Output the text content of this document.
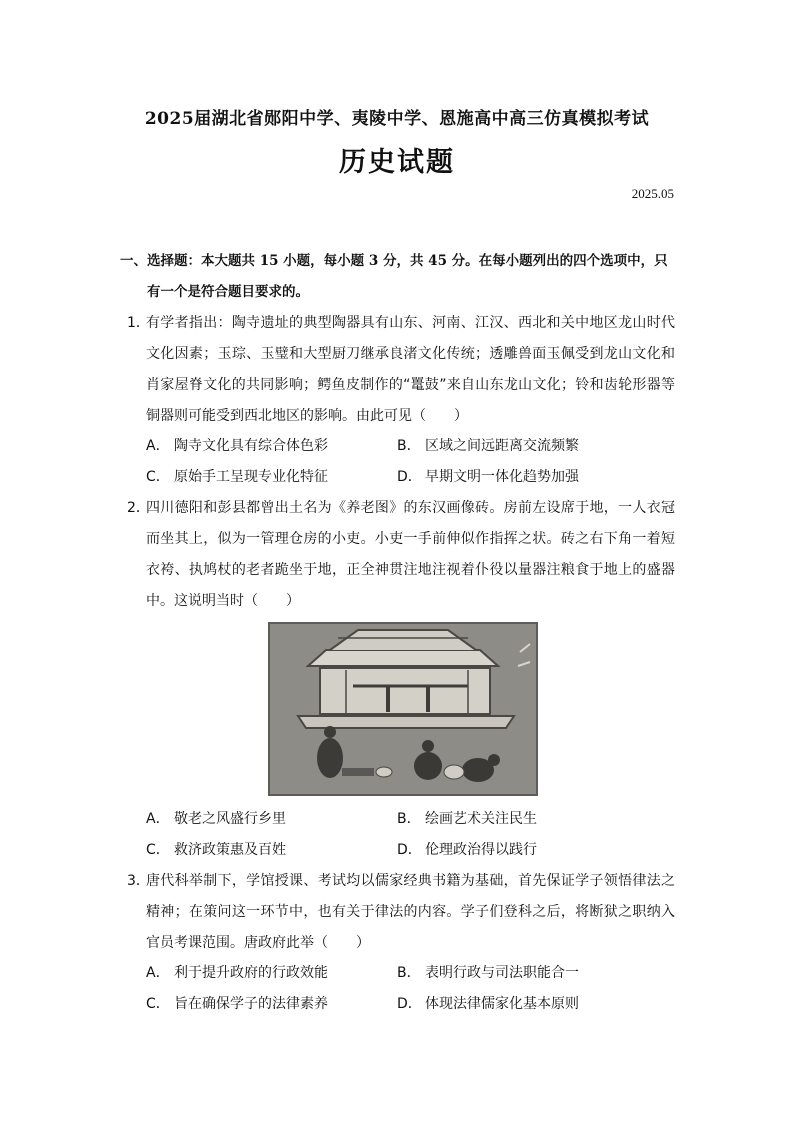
2025届湖北省郧阳中学、夷陵中学、恩施高中高三仿真模拟考试
历史试题
2025.05
一、选择题：本大题共 15 小题，每小题 3 分，共 45 分。在每小题列出的四个选项中，只
有一个是符合题目要求的。
1．
有学者指出：陶寺遗址的典型陶器具有山东、河南、江汉、西北和关中地区龙山时代文化因素；玉琮、玉璧和大型厨刀继承良渚文化传统；透雕兽面玉佩受到龙山文化和肖家屋脊文化的共同影响；鳄鱼皮制作的“鼍鼓”来自山东龙山文化；铃和齿轮形器等铜器则可能受到西北地区的影响。由此可见（　　）
A． 陶寺文化具有综合体色彩	B． 区域之间远距离交流频繁
C． 原始手工呈现专业化特征	D． 早期文明一体化趋势加强
2．
四川德阳和彭县都曾出土名为《养老图》的东汉画像砖。房前左设席于地，一人衣冠而坐其上，似为一管理仓房的小吏。小吏一手前伸似作指挥之状。砖之右下角一着短衣袴、执鸠杖的老者跪坐于地，正全神贯注地注视着仆役以量器注粮食于地上的盛器中。这说明当时（　　）
A． 敬老之风盛行乡里	B． 绘画艺术关注民生
C． 救济政策惠及百姓	D． 伦理政治得以践行
3．
唐代科举制下，学馆授课、考试均以儒家经典书籍为基础，首先保证学子领悟律法之精神；在策问这一环节中，也有关于律法的内容。学子们登科之后，将断狱之职纳入官员考课范围。唐政府此举（　　）
A． 利于提升政府的行政效能	B． 表明行政与司法职能合一
C． 旨在确保学子的法律素养	D． 体现法律儒家化基本原则
